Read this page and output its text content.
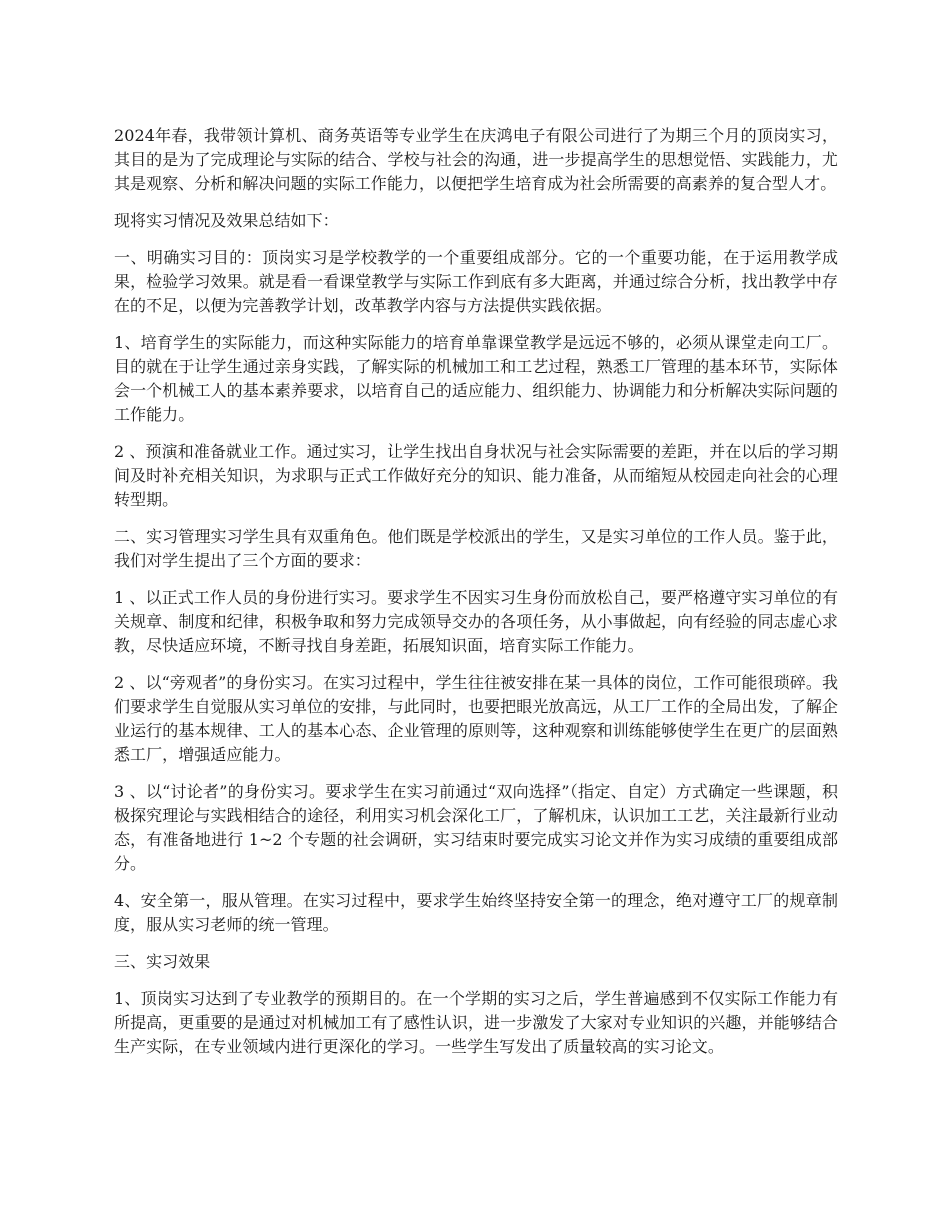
2024年春，我带领计算机、商务英语等专业学生在庆鸿电子有限公司进行了为期三个月的顶岗实习，其目的是为了完成理论与实际的结合、学校与社会的沟通，进一步提高学生的思想觉悟、实践能力，尤其是观察、分析和解决问题的实际工作能力，以便把学生培育成为社会所需要的高素养的复合型人才。

现将实习情况及效果总结如下：

一、明确实习目的：顶岗实习是学校教学的一个重要组成部分。它的一个重要功能，在于运用教学成果，检验学习效果。就是看一看课堂教学与实际工作到底有多大距离，并通过综合分析，找出教学中存在的不足，以便为完善教学计划，改革教学内容与方法提供实践依据。

1、培育学生的实际能力，而这种实际能力的培育单靠课堂教学是远远不够的，必须从课堂走向工厂。目的就在于让学生通过亲身实践，了解实际的机械加工和工艺过程，熟悉工厂管理的基本环节，实际体会一个机械工人的基本素养要求，以培育自己的适应能力、组织能力、协调能力和分析解决实际问题的工作能力。

2 、预演和准备就业工作。通过实习，让学生找出自身状况与社会实际需要的差距，并在以后的学习期间及时补充相关知识，为求职与正式工作做好充分的知识、能力准备，从而缩短从校园走向社会的心理转型期。

二、实习管理实习学生具有双重角色。他们既是学校派出的学生，又是实习单位的工作人员。鉴于此，我们对学生提出了三个方面的要求：

1 、以正式工作人员的身份进行实习。要求学生不因实习生身份而放松自己，要严格遵守实习单位的有关规章、制度和纪律，积极争取和努力完成领导交办的各项任务，从小事做起，向有经验的同志虚心求教，尽快适应环境，不断寻找自身差距，拓展知识面，培育实际工作能力。

2 、以“旁观者”的身份实习。在实习过程中，学生往往被安排在某一具体的岗位，工作可能很琐碎。我们要求学生自觉服从实习单位的安排，与此同时，也要把眼光放高远，从工厂工作的全局出发，了解企业运行的基本规律、工人的基本心态、企业管理的原则等，这种观察和训练能够使学生在更广的层面熟悉工厂，增强适应能力。

3 、以“讨论者”的身份实习。要求学生在实习前通过“双向选择”（指定、自定）方式确定一些课题，积极探究理论与实践相结合的途径，利用实习机会深化工厂，了解机床，认识加工工艺，关注最新行业动态，有准备地进行 1~2 个专题的社会调研，实习结束时要完成实习论文并作为实习成绩的重要组成部分。

4、安全第一，服从管理。在实习过程中，要求学生始终坚持安全第一的理念，绝对遵守工厂的规章制度，服从实习老师的统一管理。

三、实习效果

1、顶岗实习达到了专业教学的预期目的。在一个学期的实习之后，学生普遍感到不仅实际工作能力有所提高，更重要的是通过对机械加工有了感性认识，进一步激发了大家对专业知识的兴趣，并能够结合生产实际，在专业领域内进行更深化的学习。一些学生写发出了质量较高的实习论文。
